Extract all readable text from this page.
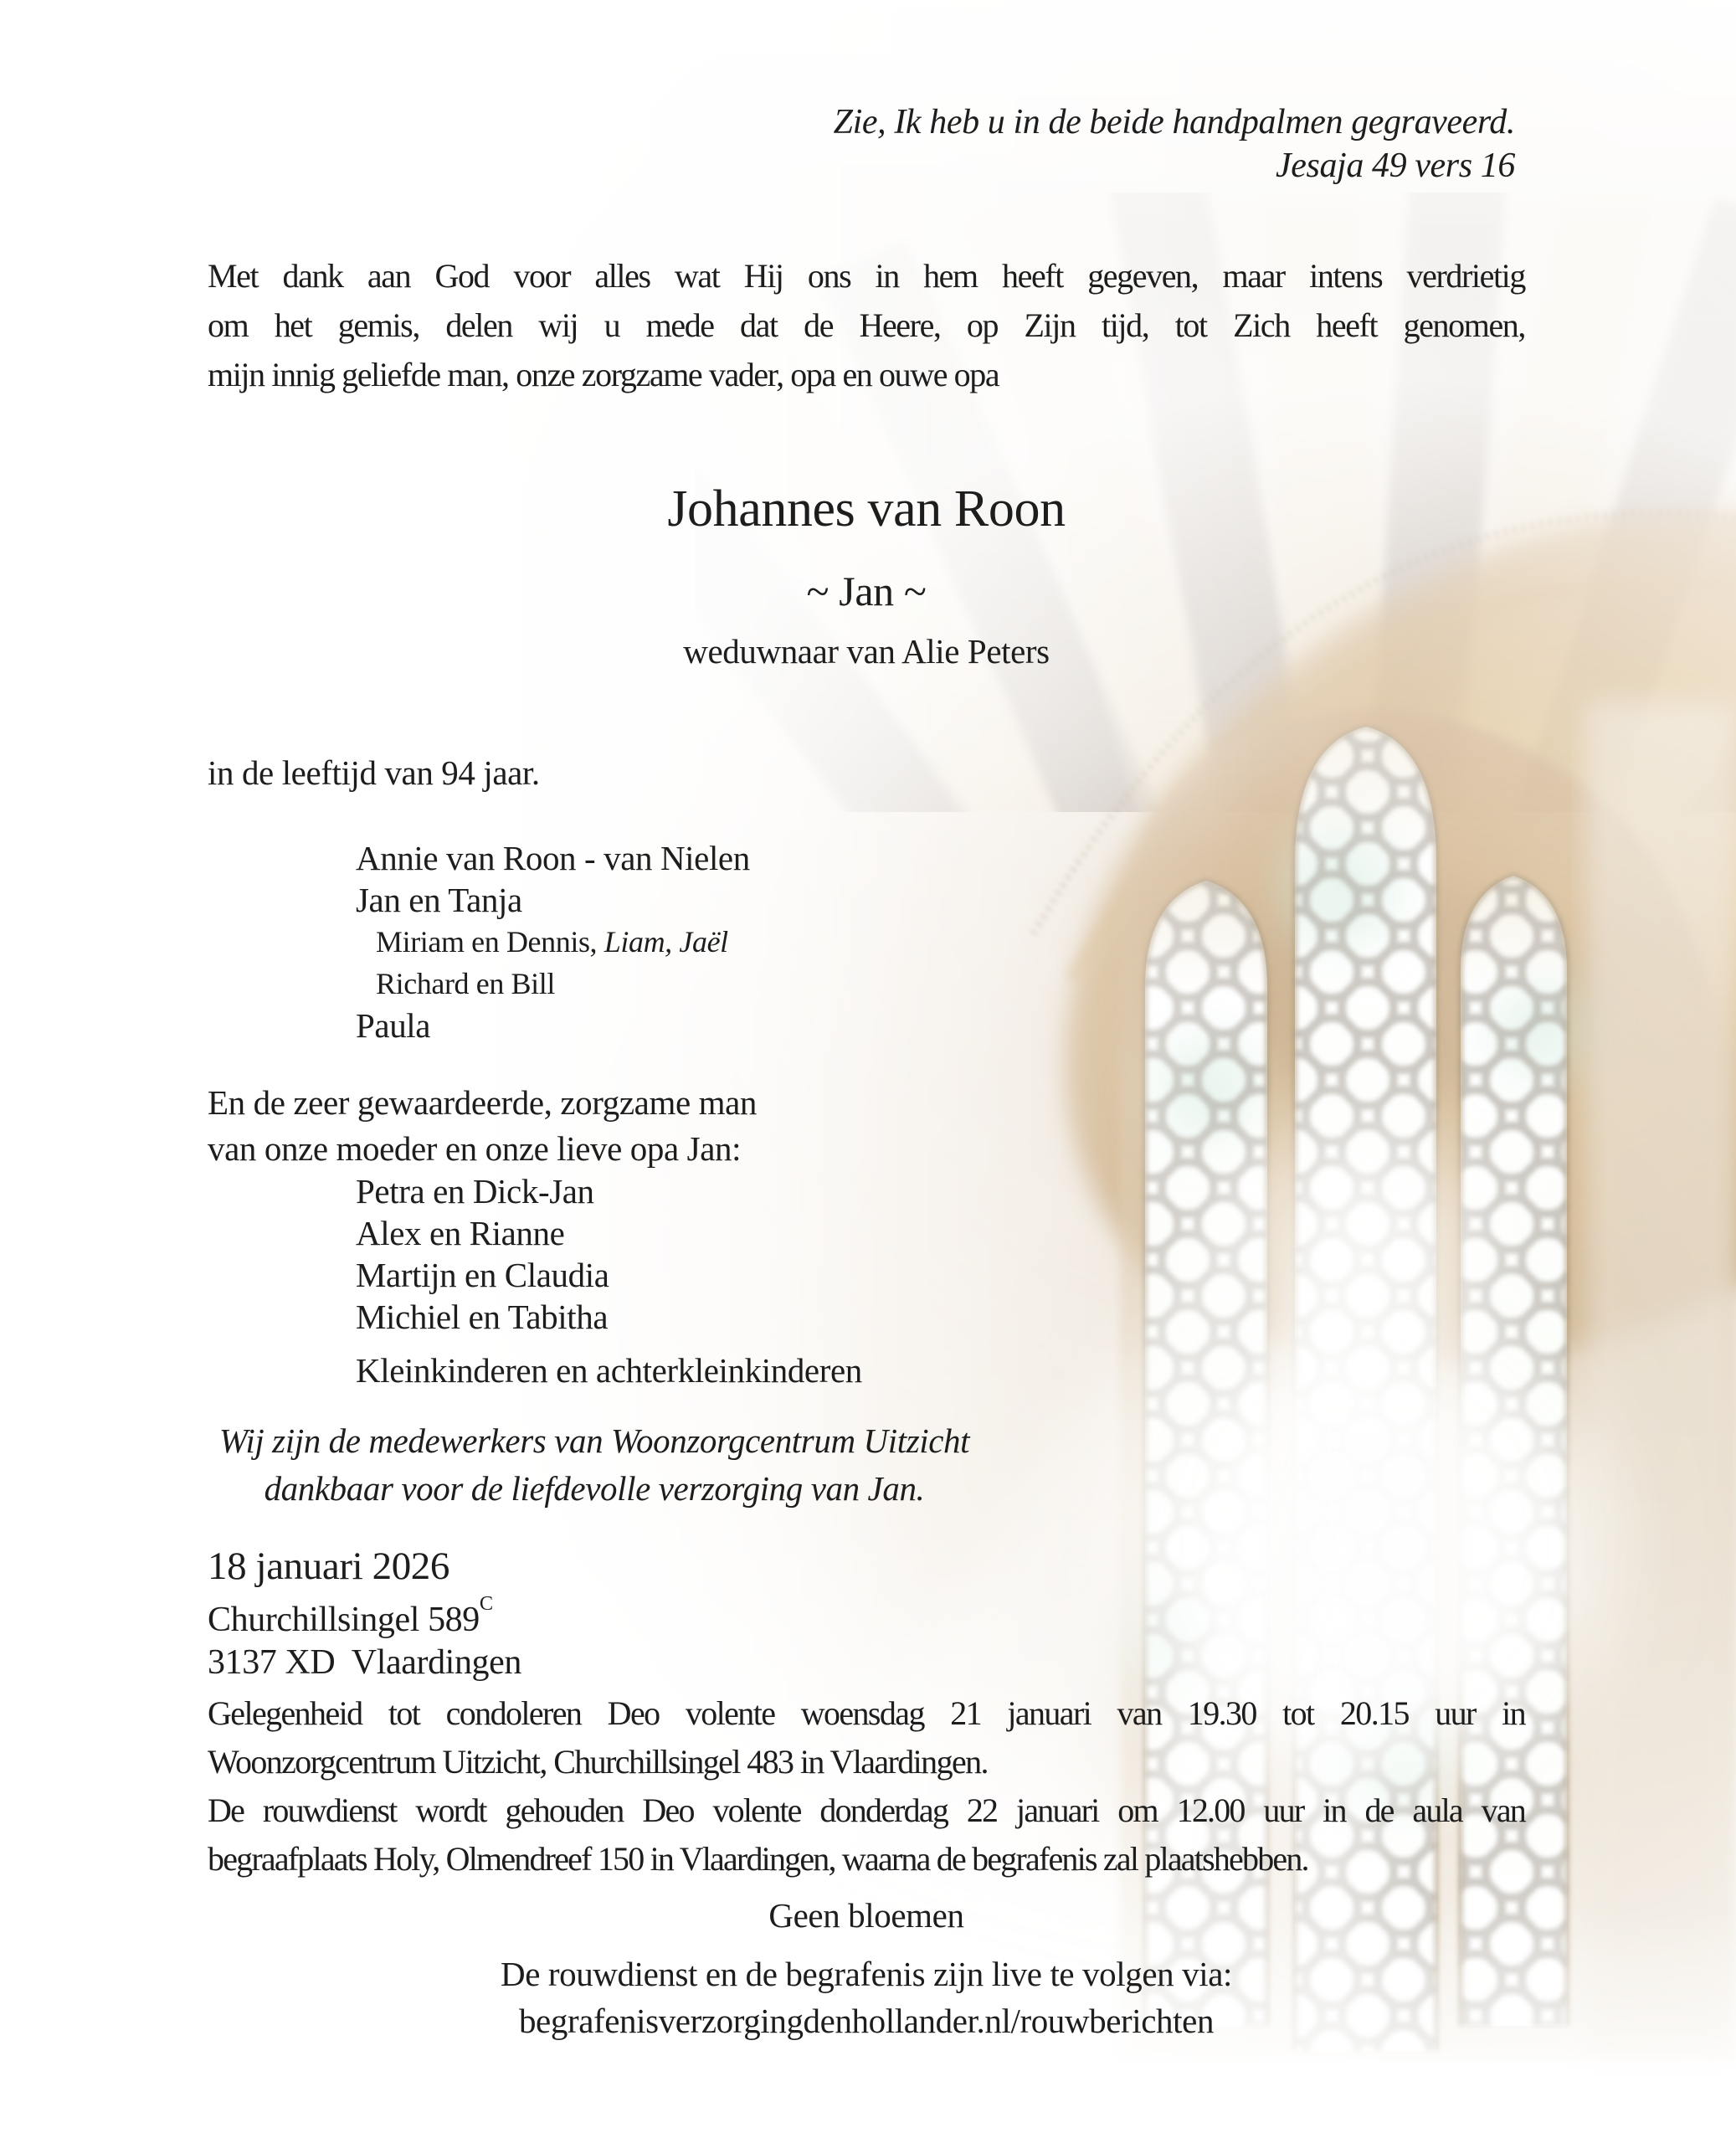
Zie, Ik heb u in de beide handpalmen gegraveerd.
Jesaja 49 vers 16
Met dank aan God voor alles wat Hij ons in hem heeft gegeven, maar intens verdrietig
om het gemis, delen wij u mede dat de Heere, op Zijn tijd, tot Zich heeft genomen,
mijn innig geliefde man, onze zorgzame vader, opa en ouwe opa
Johannes van Roon
~ Jan ~
weduwnaar van Alie Peters
in de leeftijd van 94 jaar.
Annie van Roon - van Nielen
Jan en Tanja
Miriam en Dennis, Liam, Jaël
Richard en Bill
Paula
En de zeer gewaardeerde, zorgzame man
van onze moeder en onze lieve opa Jan:
Petra en Dick-Jan
Alex en Rianne
Martijn en Claudia
Michiel en Tabitha
Kleinkinderen en achterkleinkinderen
Wij zijn de medewerkers van Woonzorgcentrum Uitzicht
dankbaar voor de liefdevolle verzorging van Jan.
18 januari 2026
Churchillsingel $589^C$
3137 XD  Vlaardingen
Gelegenheid tot condoleren Deo volente woensdag 21 januari van 19.30 tot 20.15 uur in
Woonzorgcentrum Uitzicht, Churchillsingel 483 in Vlaardingen.
De rouwdienst wordt gehouden Deo volente donderdag 22 januari om 12.00 uur in de aula van
begraafplaats Holy, Olmendreef 150 in Vlaardingen, waarna de begrafenis zal plaatshebben.
Geen bloemen
De rouwdienst en de begrafenis zijn live te volgen via:
begrafenisverzorgingdenhollander.nl/rouwberichten
